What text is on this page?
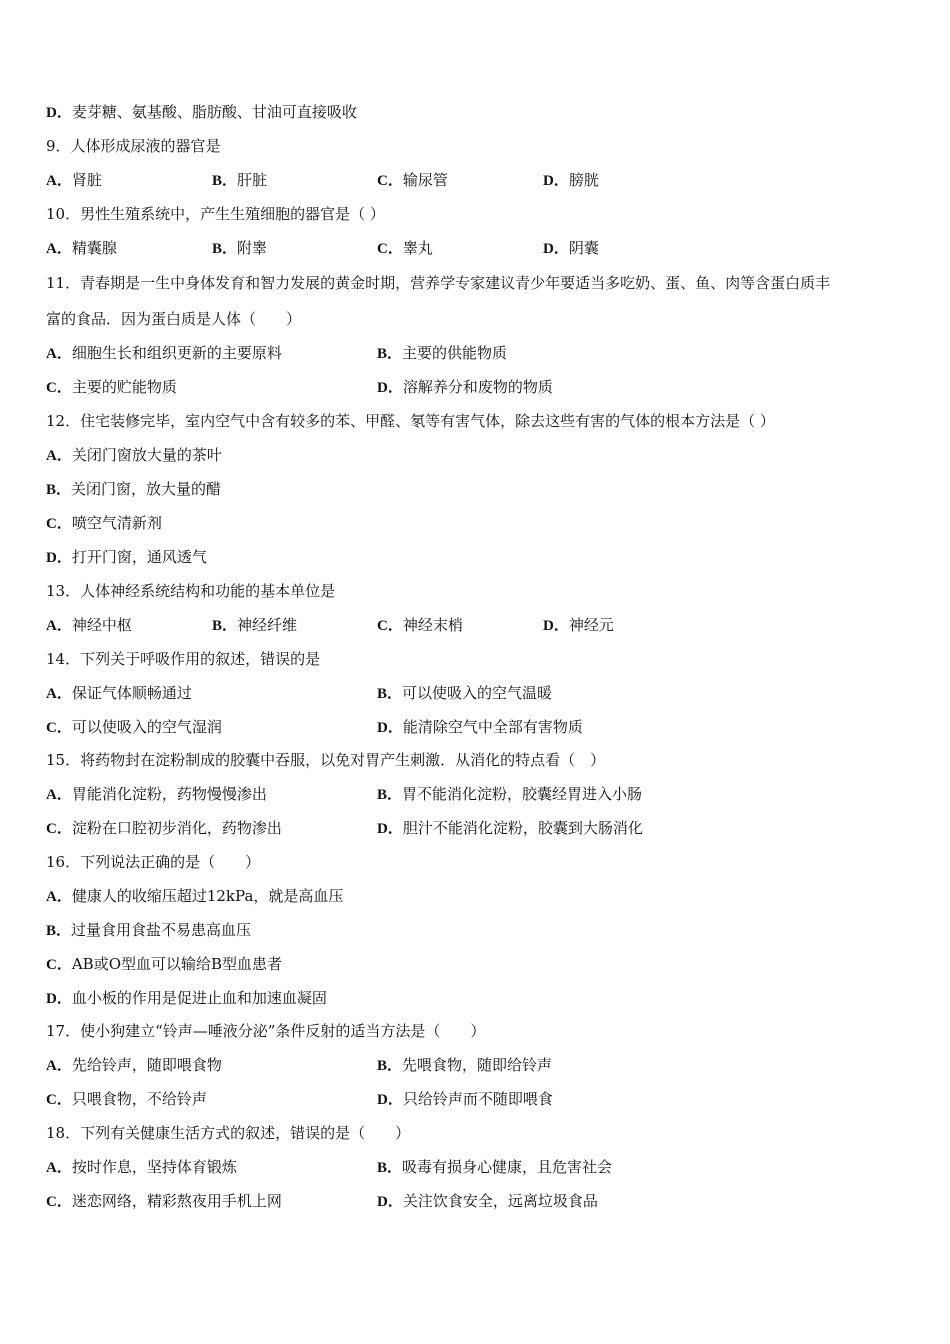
D．麦芽糖、氨基酸、脂肪酸、甘油可直接吸收
9．人体形成尿液的器官是
A．肾脏	B．肝脏	C．输尿管	D．膀胱
10．男性生殖系统中，产生生殖细胞的器官是（ ）
A．精囊腺	B．附睾	C．睾丸	D．阴囊
11．青春期是一生中身体发育和智力发展的黄金时期，营养学专家建议青少年要适当多吃奶、蛋、鱼、肉等含蛋白质丰
富的食品．因为蛋白质是人体（　　）
A．细胞生长和组织更新的主要原料	B．主要的供能物质
C．主要的贮能物质	D．溶解养分和废物的物质
12．住宅装修完毕，室内空气中含有较多的苯、甲醛、氡等有害气体，除去这些有害的气体的根本方法是（ ）
A．关闭门窗放大量的茶叶
B．关闭门窗，放大量的醋
C．喷空气清新剂
D．打开门窗，通风透气
13．人体神经系统结构和功能的基本单位是
A．神经中枢	B．神经纤维	C．神经末梢	D．神经元
14．下列关于呼吸作用的叙述，错误的是
A．保证气体顺畅通过	B．可以使吸入的空气温暖
C．可以使吸入的空气湿润	D．能清除空气中全部有害物质
15．将药物封在淀粉制成的胶囊中吞服，以免对胃产生刺激．从消化的特点看（　）
A．胃能消化淀粉，药物慢慢渗出	B．胃不能消化淀粉，胶囊经胃进入小肠
C．淀粉在口腔初步消化，药物渗出	D．胆汁不能消化淀粉，胶囊到大肠消化
16．下列说法正确的是（　　）
A．健康人的收缩压超过12kPa，就是高血压
B．过量食用食盐不易患高血压
C．AB或O型血可以输给B型血患者
D．血小板的作用是促进止血和加速血凝固
17．使小狗建立“铃声—唾液分泌”条件反射的适当方法是（　　）
A．先给铃声，随即喂食物	B．先喂食物，随即给铃声
C．只喂食物，不给铃声	D．只给铃声而不随即喂食
18．下列有关健康生活方式的叙述，错误的是（　　）
A．按时作息，坚持体育锻炼	B．吸毒有损身心健康，且危害社会
C．迷恋网络，精彩熬夜用手机上网	D．关注饮食安全，远离垃圾食品
